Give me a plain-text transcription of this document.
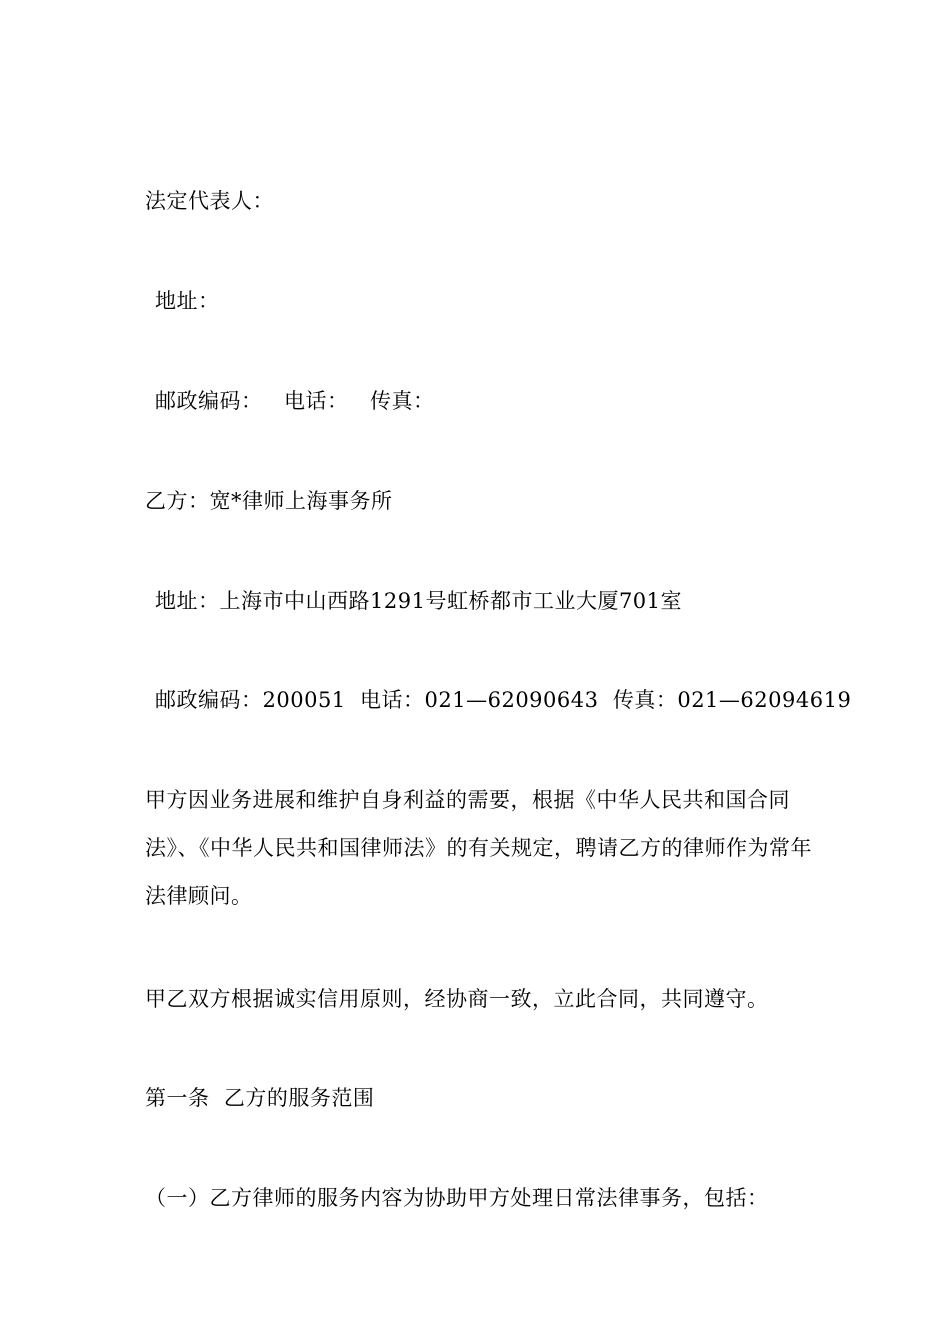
法定代表人：
地址：
邮政编码：   电话：   传真：
乙方：宽*律师上海事务所
地址：上海市中山西路1291号虹桥都市工业大厦701室
邮政编码：200051  电话：021—62090643  传真：021—62094619
甲方因业务进展和维护自身利益的需要，根据《中华人民共和国合同法》、《中华人民共和国律师法》的有关规定，聘请乙方的律师作为常年法律顾问。
甲乙双方根据诚实信用原则，经协商一致，立此合同，共同遵守。
第一条  乙方的服务范围
（一）乙方律师的服务内容为协助甲方处理日常法律事务，包括：
